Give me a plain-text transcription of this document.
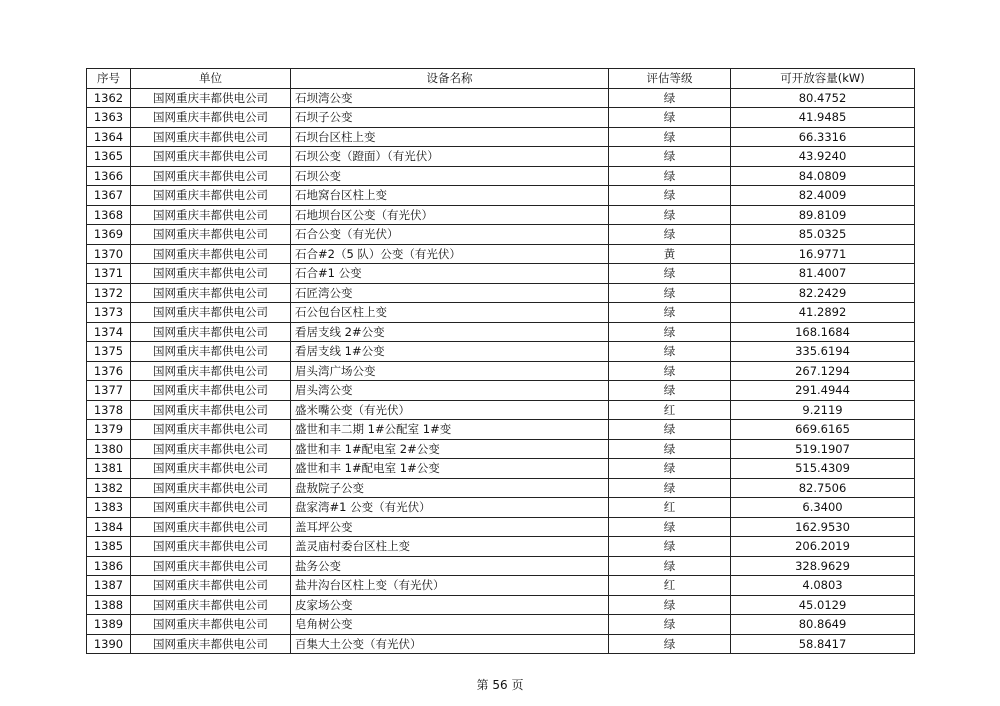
序号	单位	设备名称	评估等级	可开放容量(kW)
1362	国网重庆丰都供电公司	石坝湾公变	绿	80.4752
1363	国网重庆丰都供电公司	石坝子公变	绿	41.9485
1364	国网重庆丰都供电公司	石坝台区柱上变	绿	66.3316
1365	国网重庆丰都供电公司	石坝公变（蹬面）（有光伏）	绿	43.9240
1366	国网重庆丰都供电公司	石坝公变	绿	84.0809
1367	国网重庆丰都供电公司	石地窝台区柱上变	绿	82.4009
1368	国网重庆丰都供电公司	石地坝台区公变（有光伏）	绿	89.8109
1369	国网重庆丰都供电公司	石合公变（有光伏）	绿	85.0325
1370	国网重庆丰都供电公司	石合#2（5 队）公变（有光伏）	黄	16.9771
1371	国网重庆丰都供电公司	石合#1 公变	绿	81.4007
1372	国网重庆丰都供电公司	石匠湾公变	绿	82.2429
1373	国网重庆丰都供电公司	石公包台区柱上变	绿	41.2892
1374	国网重庆丰都供电公司	看居支线 2#公变	绿	168.1684
1375	国网重庆丰都供电公司	看居支线 1#公变	绿	335.6194
1376	国网重庆丰都供电公司	眉头湾广场公变	绿	267.1294
1377	国网重庆丰都供电公司	眉头湾公变	绿	291.4944
1378	国网重庆丰都供电公司	盛米嘴公变（有光伏）	红	9.2119
1379	国网重庆丰都供电公司	盛世和丰二期 1#公配室 1#变	绿	669.6165
1380	国网重庆丰都供电公司	盛世和丰 1#配电室 2#公变	绿	519.1907
1381	国网重庆丰都供电公司	盛世和丰 1#配电室 1#公变	绿	515.4309
1382	国网重庆丰都供电公司	盘敖院子公变	绿	82.7506
1383	国网重庆丰都供电公司	盘家湾#1 公变（有光伏）	红	6.3400
1384	国网重庆丰都供电公司	盖耳坪公变	绿	162.9530
1385	国网重庆丰都供电公司	盖灵庙村委台区柱上变	绿	206.2019
1386	国网重庆丰都供电公司	盐务公变	绿	328.9629
1387	国网重庆丰都供电公司	盐井沟台区柱上变（有光伏）	红	4.0803
1388	国网重庆丰都供电公司	皮家场公变	绿	45.0129
1389	国网重庆丰都供电公司	皂角树公变	绿	80.8649
1390	国网重庆丰都供电公司	百集大土公变（有光伏）	绿	58.8417
第 56 页
